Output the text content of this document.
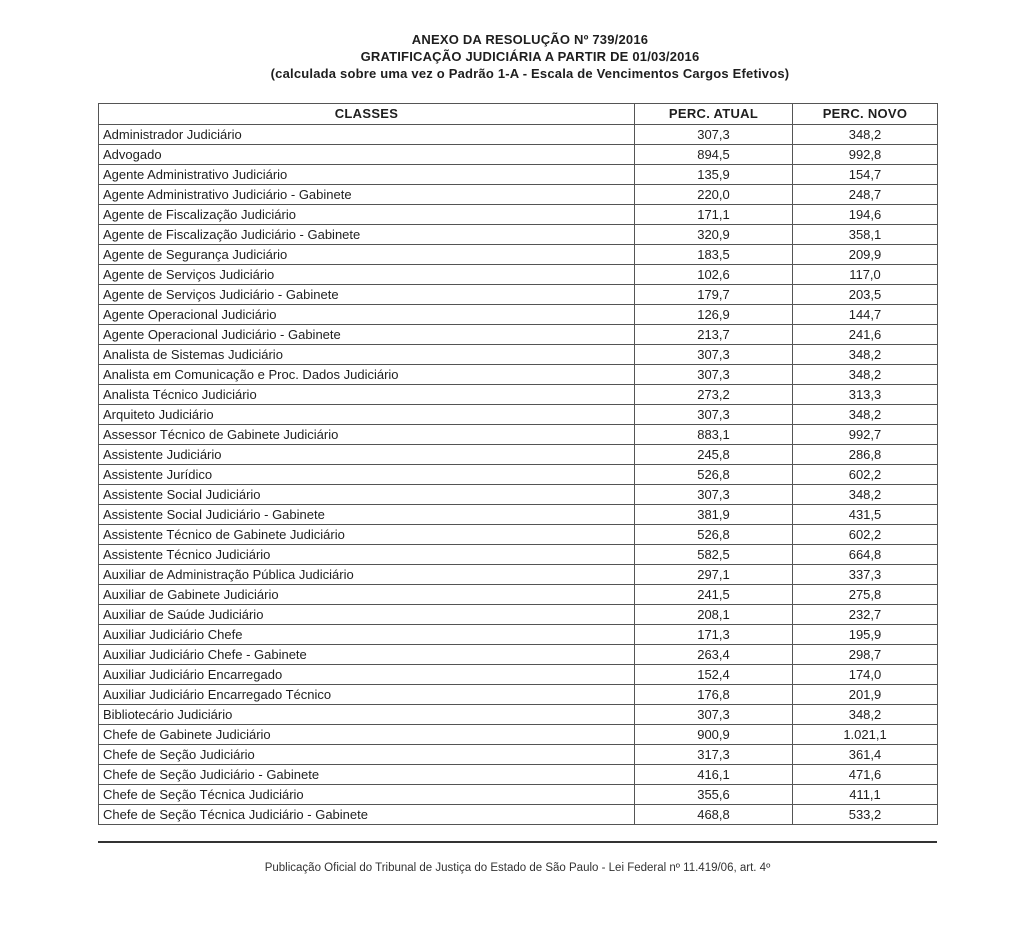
ANEXO DA RESOLUÇÃO Nº 739/2016
GRATIFICAÇÃO JUDICIÁRIA A PARTIR DE 01/03/2016
(calculada sobre uma vez o Padrão 1-A - Escala de Vencimentos Cargos Efetivos)
CLASSES	PERC. ATUAL	PERC. NOVO
Administrador Judiciário	307,3	348,2
Advogado	894,5	992,8
Agente Administrativo Judiciário	135,9	154,7
Agente Administrativo Judiciário - Gabinete	220,0	248,7
Agente de Fiscalização Judiciário	171,1	194,6
Agente de Fiscalização Judiciário - Gabinete	320,9	358,1
Agente de Segurança Judiciário	183,5	209,9
Agente de Serviços Judiciário	102,6	117,0
Agente de Serviços Judiciário - Gabinete	179,7	203,5
Agente Operacional Judiciário	126,9	144,7
Agente Operacional Judiciário - Gabinete	213,7	241,6
Analista de Sistemas Judiciário	307,3	348,2
Analista em Comunicação e Proc. Dados Judiciário	307,3	348,2
Analista Técnico Judiciário	273,2	313,3
Arquiteto Judiciário	307,3	348,2
Assessor Técnico de Gabinete Judiciário	883,1	992,7
Assistente Judiciário	245,8	286,8
Assistente Jurídico	526,8	602,2
Assistente Social Judiciário	307,3	348,2
Assistente Social Judiciário - Gabinete	381,9	431,5
Assistente Técnico de Gabinete Judiciário	526,8	602,2
Assistente Técnico Judiciário	582,5	664,8
Auxiliar de Administração Pública Judiciário	297,1	337,3
Auxiliar de Gabinete Judiciário	241,5	275,8
Auxiliar de Saúde Judiciário	208,1	232,7
Auxiliar Judiciário Chefe	171,3	195,9
Auxiliar Judiciário Chefe - Gabinete	263,4	298,7
Auxiliar Judiciário Encarregado	152,4	174,0
Auxiliar Judiciário Encarregado Técnico	176,8	201,9
Bibliotecário Judiciário	307,3	348,2
Chefe de Gabinete Judiciário	900,9	1.021,1
Chefe de Seção Judiciário	317,3	361,4
Chefe de Seção Judiciário - Gabinete	416,1	471,6
Chefe de Seção Técnica Judiciário	355,6	411,1
Chefe de Seção Técnica Judiciário - Gabinete	468,8	533,2
Publicação Oficial do Tribunal de Justiça do Estado de São Paulo - Lei Federal nº 11.419/06, art. 4º
